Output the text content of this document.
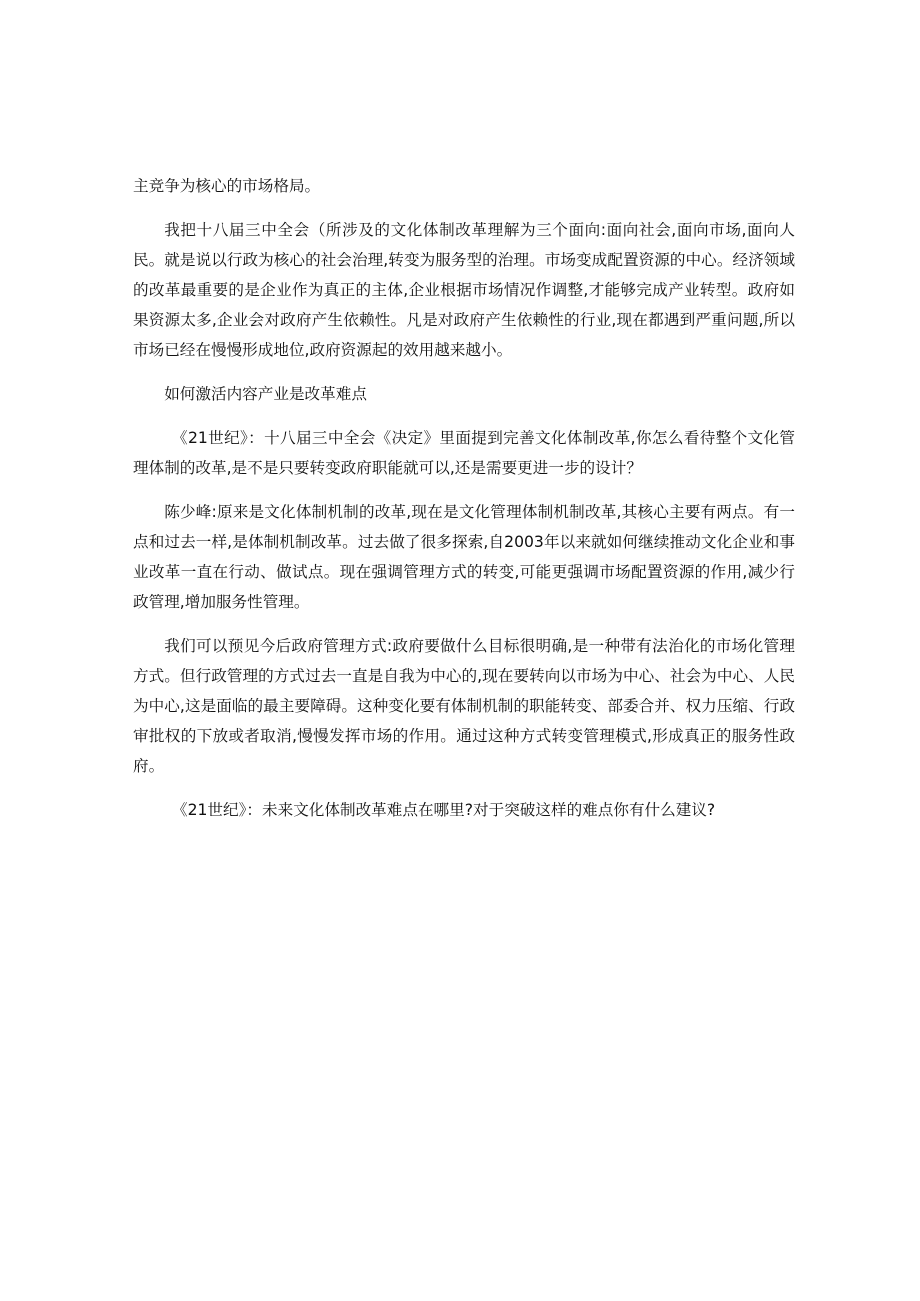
主竞争为核心的市场格局。

我把十八届三中全会（所涉及的文化体制改革理解为三个面向:面向社会,面向市场,面向人民。就是说以行政为核心的社会治理,转变为服务型的治理。市场变成配置资源的中心。经济领域的改革最重要的是企业作为真正的主体,企业根据市场情况作调整,才能够完成产业转型。政府如果资源太多,企业会对政府产生依赖性。凡是对政府产生依赖性的行业,现在都遇到严重问题,所以市场已经在慢慢形成地位,政府资源起的效用越来越小。

如何激活内容产业是改革难点

《21世纪》：十八届三中全会《决定》里面提到完善文化体制改革,你怎么看待整个文化管理体制的改革,是不是只要转变政府职能就可以,还是需要更进一步的设计？

陈少峰:原来是文化体制机制的改革,现在是文化管理体制机制改革,其核心主要有两点。有一点和过去一样,是体制机制改革。过去做了很多探索,自2003年以来就如何继续推动文化企业和事业改革一直在行动、做试点。现在强调管理方式的转变,可能更强调市场配置资源的作用,减少行政管理,增加服务性管理。

我们可以预见今后政府管理方式:政府要做什么目标很明确,是一种带有法治化的市场化管理方式。但行政管理的方式过去一直是自我为中心的,现在要转向以市场为中心、社会为中心、人民为中心,这是面临的最主要障碍。这种变化要有体制机制的职能转变、部委合并、权力压缩、行政审批权的下放或者取消,慢慢发挥市场的作用。通过这种方式转变管理模式,形成真正的服务性政府。

《21世纪》：未来文化体制改革难点在哪里?对于突破这样的难点你有什么建议?
